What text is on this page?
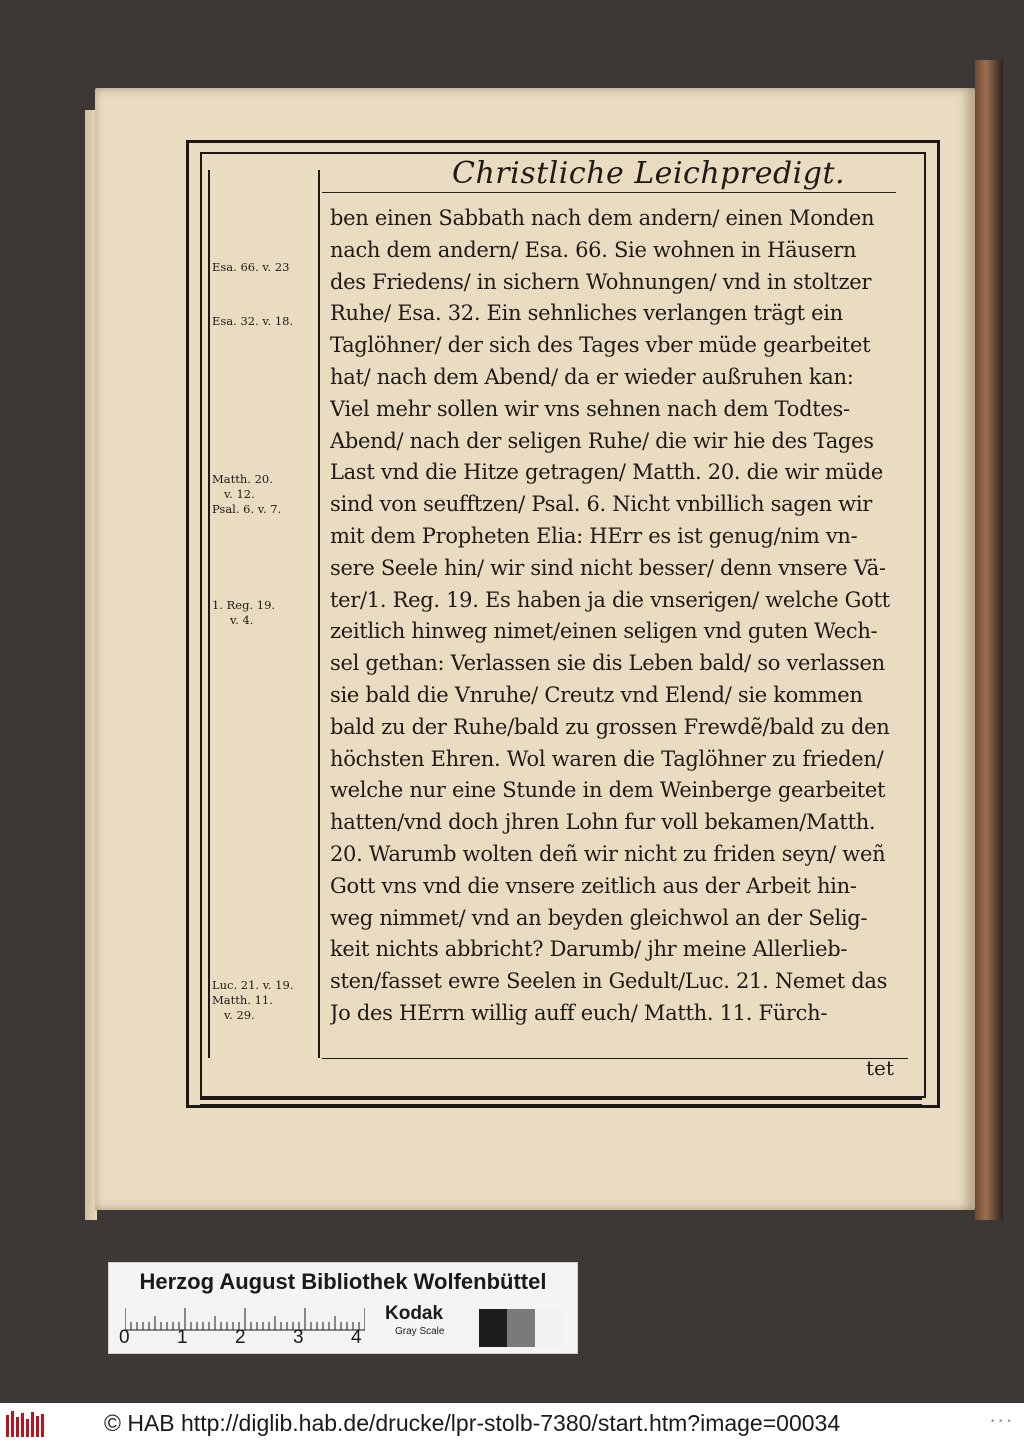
Christliche Leichpredigt.
ben einen Sabbath nach dem andern/ einen Monden
nach dem andern/ Esa. 66. Sie wohnen in Häusern
des Friedens/ in sichern Wohnungen/ vnd in stoltzer
Ruhe/ Esa. 32. Ein sehnliches verlangen trägt ein
Taglöhner/ der sich des Tages vber müde gearbeitet
hat/ nach dem Abend/ da er wieder außruhen kan:
Viel mehr sollen wir vns sehnen nach dem Todtes-
Abend/ nach der seligen Ruhe/ die wir hie des Tages
Last vnd die Hitze getragen/ Matth. 20. die wir müde
sind von seufftzen/ Psal. 6. Nicht vnbillich sagen wir
mit dem Propheten Elia: HErr es ist genug/nim vn-
sere Seele hin/ wir sind nicht besser/ denn vnsere Vä-
ter/1. Reg. 19. Es haben ja die vnserigen/ welche Gott
zeitlich hinweg nimet/einen seligen vnd guten Wech-
sel gethan: Verlassen sie dis Leben bald/ so verlassen
sie bald die Vnruhe/ Creutz vnd Elend/ sie kommen
bald zu der Ruhe/bald zu grossen Frewdẽ/bald zu den
höchsten Ehren. Wol waren die Taglöhner zu frieden/
welche nur eine Stunde in dem Weinberge gearbeitet
hatten/vnd doch jhren Lohn fur voll bekamen/Matth.
20. Warumb wolten deñ wir nicht zu friden seyn/ weñ
Gott vns vnd die vnsere zeitlich aus der Arbeit hin-
weg nimmet/ vnd an beyden gleichwol an der Selig-
keit nichts abbricht? Darumb/ jhr meine Allerlieb-
sten/fasset ewre Seelen in Gedult/Luc. 21. Nemet das
Jo des HErrn willig auff euch/ Matth. 11. Fürch-
Esa. 66. v. 23
Esa. 32. v. 18.
Matth. 20.
v. 12.
Psal. 6. v. 7.
1. Reg. 19.
v. 4.
Luc. 21. v. 19.
Matth. 11.
v. 29.
tet
Herzog August Bibliothek Wolfenbüttel
0 1 2 3 4
Kodak
Gray Scale
© HAB http://diglib.hab.de/drucke/lpr-stolb-7380/start.htm?image=00034	• • •
